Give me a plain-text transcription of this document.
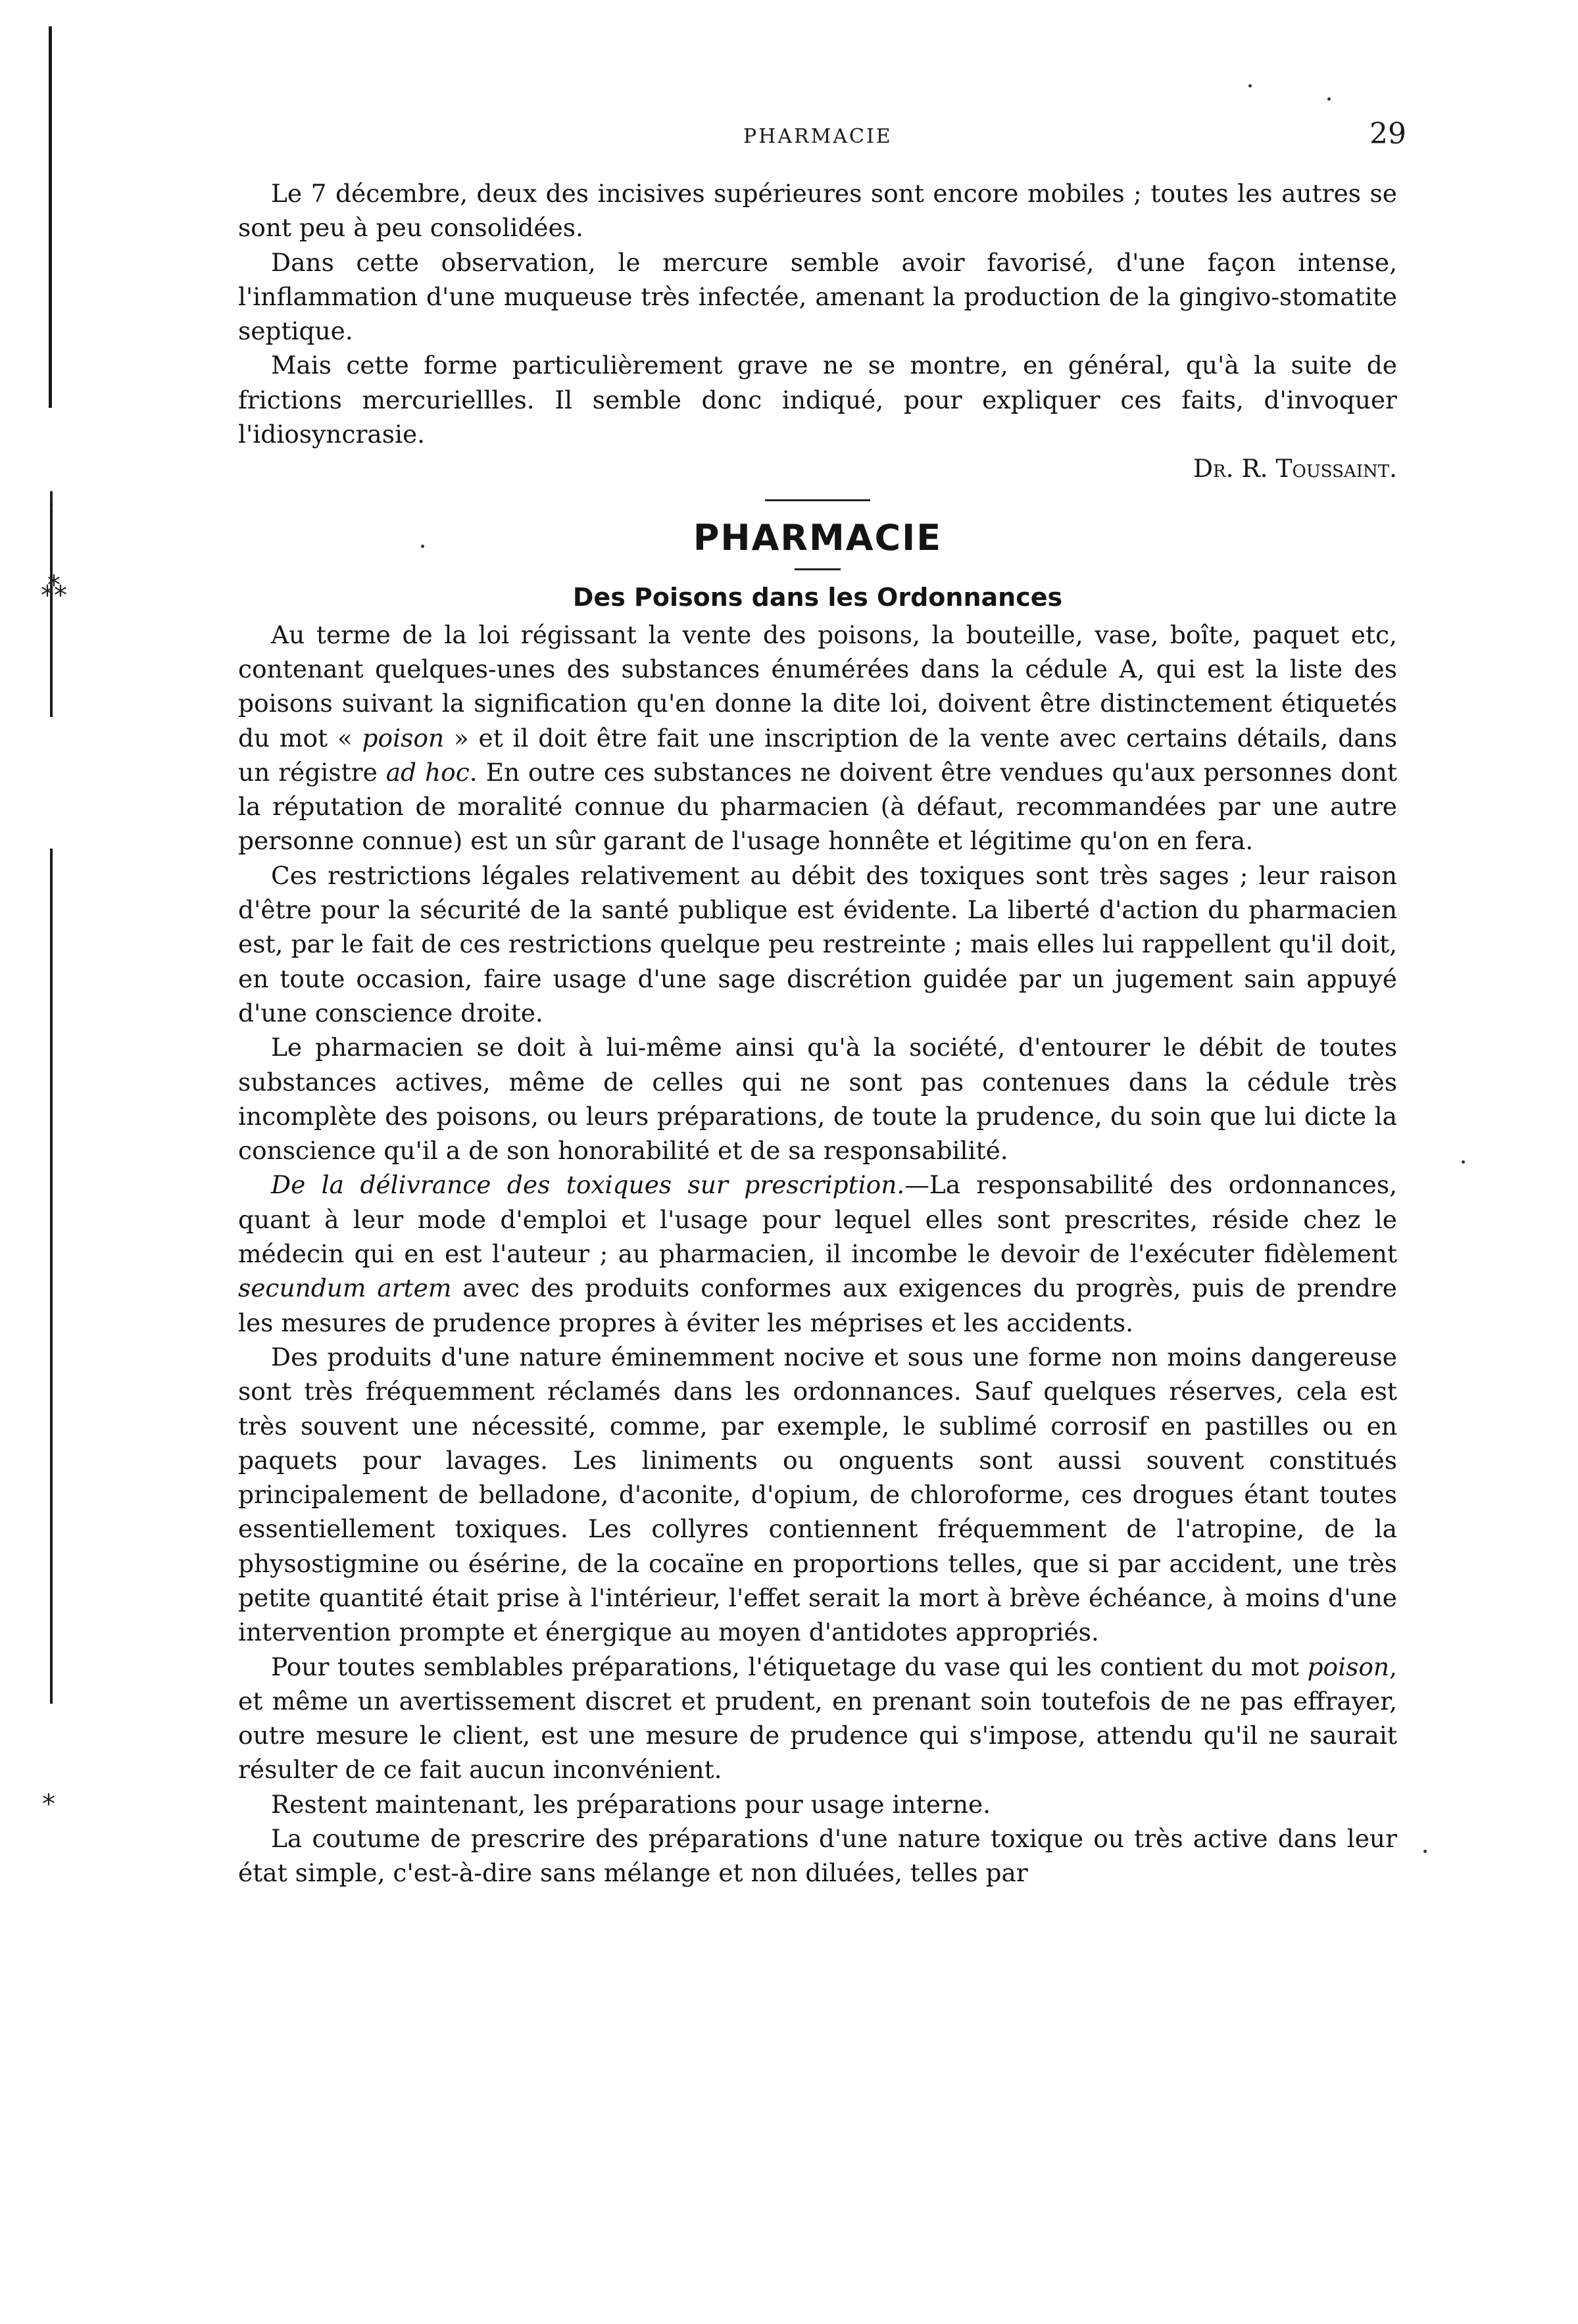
!
⁂
*
PHARMACIE	29

Le 7 décembre, deux des incisives supérieures sont encore mobiles ; toutes les autres se sont peu à peu consolidées.

Dans cette observation, le mercure semble avoir favorisé, d'une façon intense, l'inflammation d'une muqueuse très infectée, amenant la production de la gingivo-stomatite septique.

Mais cette forme particulièrement grave ne se montre, en général, qu'à la suite de frictions mercuriellles. Il semble donc indiqué, pour expliquer ces faits, d'invoquer l'idiosyncrasie.

Dr. R. Toussaint.

PHARMACIE
Des Poisons dans les Ordonnances

Au terme de la loi régissant la vente des poisons, la bouteille, vase, boîte, paquet etc, contenant quelques-unes des substances énumérées dans la cédule A, qui est la liste des poisons suivant la signification qu'en donne la dite loi, doivent être distinctement étiquetés du mot « poison » et il doit être fait une inscription de la vente avec certains détails, dans un régistre ad hoc. En outre ces substances ne doivent être vendues qu'aux personnes dont la réputation de moralité connue du pharmacien (à défaut, recommandées par une autre personne connue) est un sûr garant de l'usage honnête et légitime qu'on en fera.

Ces restrictions légales relativement au débit des toxiques sont très sages ; leur raison d'être pour la sécurité de la santé publique est évidente. La liberté d'action du pharmacien est, par le fait de ces restrictions quelque peu restreinte ; mais elles lui rappellent qu'il doit, en toute occasion, faire usage d'une sage discrétion guidée par un jugement sain appuyé d'une conscience droite.

Le pharmacien se doit à lui-même ainsi qu'à la société, d'entourer le débit de toutes substances actives, même de celles qui ne sont pas contenues dans la cédule très incomplète des poisons, ou leurs préparations, de toute la prudence, du soin que lui dicte la conscience qu'il a de son honorabilité et de sa responsabilité.

De la délivrance des toxiques sur prescription.—La responsabilité des ordonnances, quant à leur mode d'emploi et l'usage pour lequel elles sont prescrites, réside chez le médecin qui en est l'auteur ; au pharmacien, il incombe le devoir de l'exécuter fidèlement secundum artem avec des produits conformes aux exigences du progrès, puis de prendre les mesures de prudence propres à éviter les méprises et les accidents.

Des produits d'une nature éminemment nocive et sous une forme non moins dangereuse sont très fréquemment réclamés dans les ordonnances. Sauf quelques réserves, cela est très souvent une nécessité, comme, par exemple, le sublimé corrosif en pastilles ou en paquets pour lavages. Les liniments ou onguents sont aussi souvent constitués principalement de belladone, d'aconite, d'opium, de chloroforme, ces drogues étant toutes essentiellement toxiques. Les collyres contiennent fréquemment de l'atropine, de la physostigmine ou ésérine, de la cocaïne en proportions telles, que si par accident, une très petite quantité était prise à l'intérieur, l'effet serait la mort à brève échéance, à moins d'une intervention prompte et énergique au moyen d'antidotes appropriés.

Pour toutes semblables préparations, l'étiquetage du vase qui les contient du mot poison, et même un avertissement discret et prudent, en prenant soin toutefois de ne pas effrayer, outre mesure le client, est une mesure de prudence qui s'impose, attendu qu'il ne saurait résulter de ce fait aucun inconvénient.

Restent maintenant, les préparations pour usage interne.

La coutume de prescrire des préparations d'une nature toxique ou très active dans leur état simple, c'est-à-dire sans mélange et non diluées, telles par
